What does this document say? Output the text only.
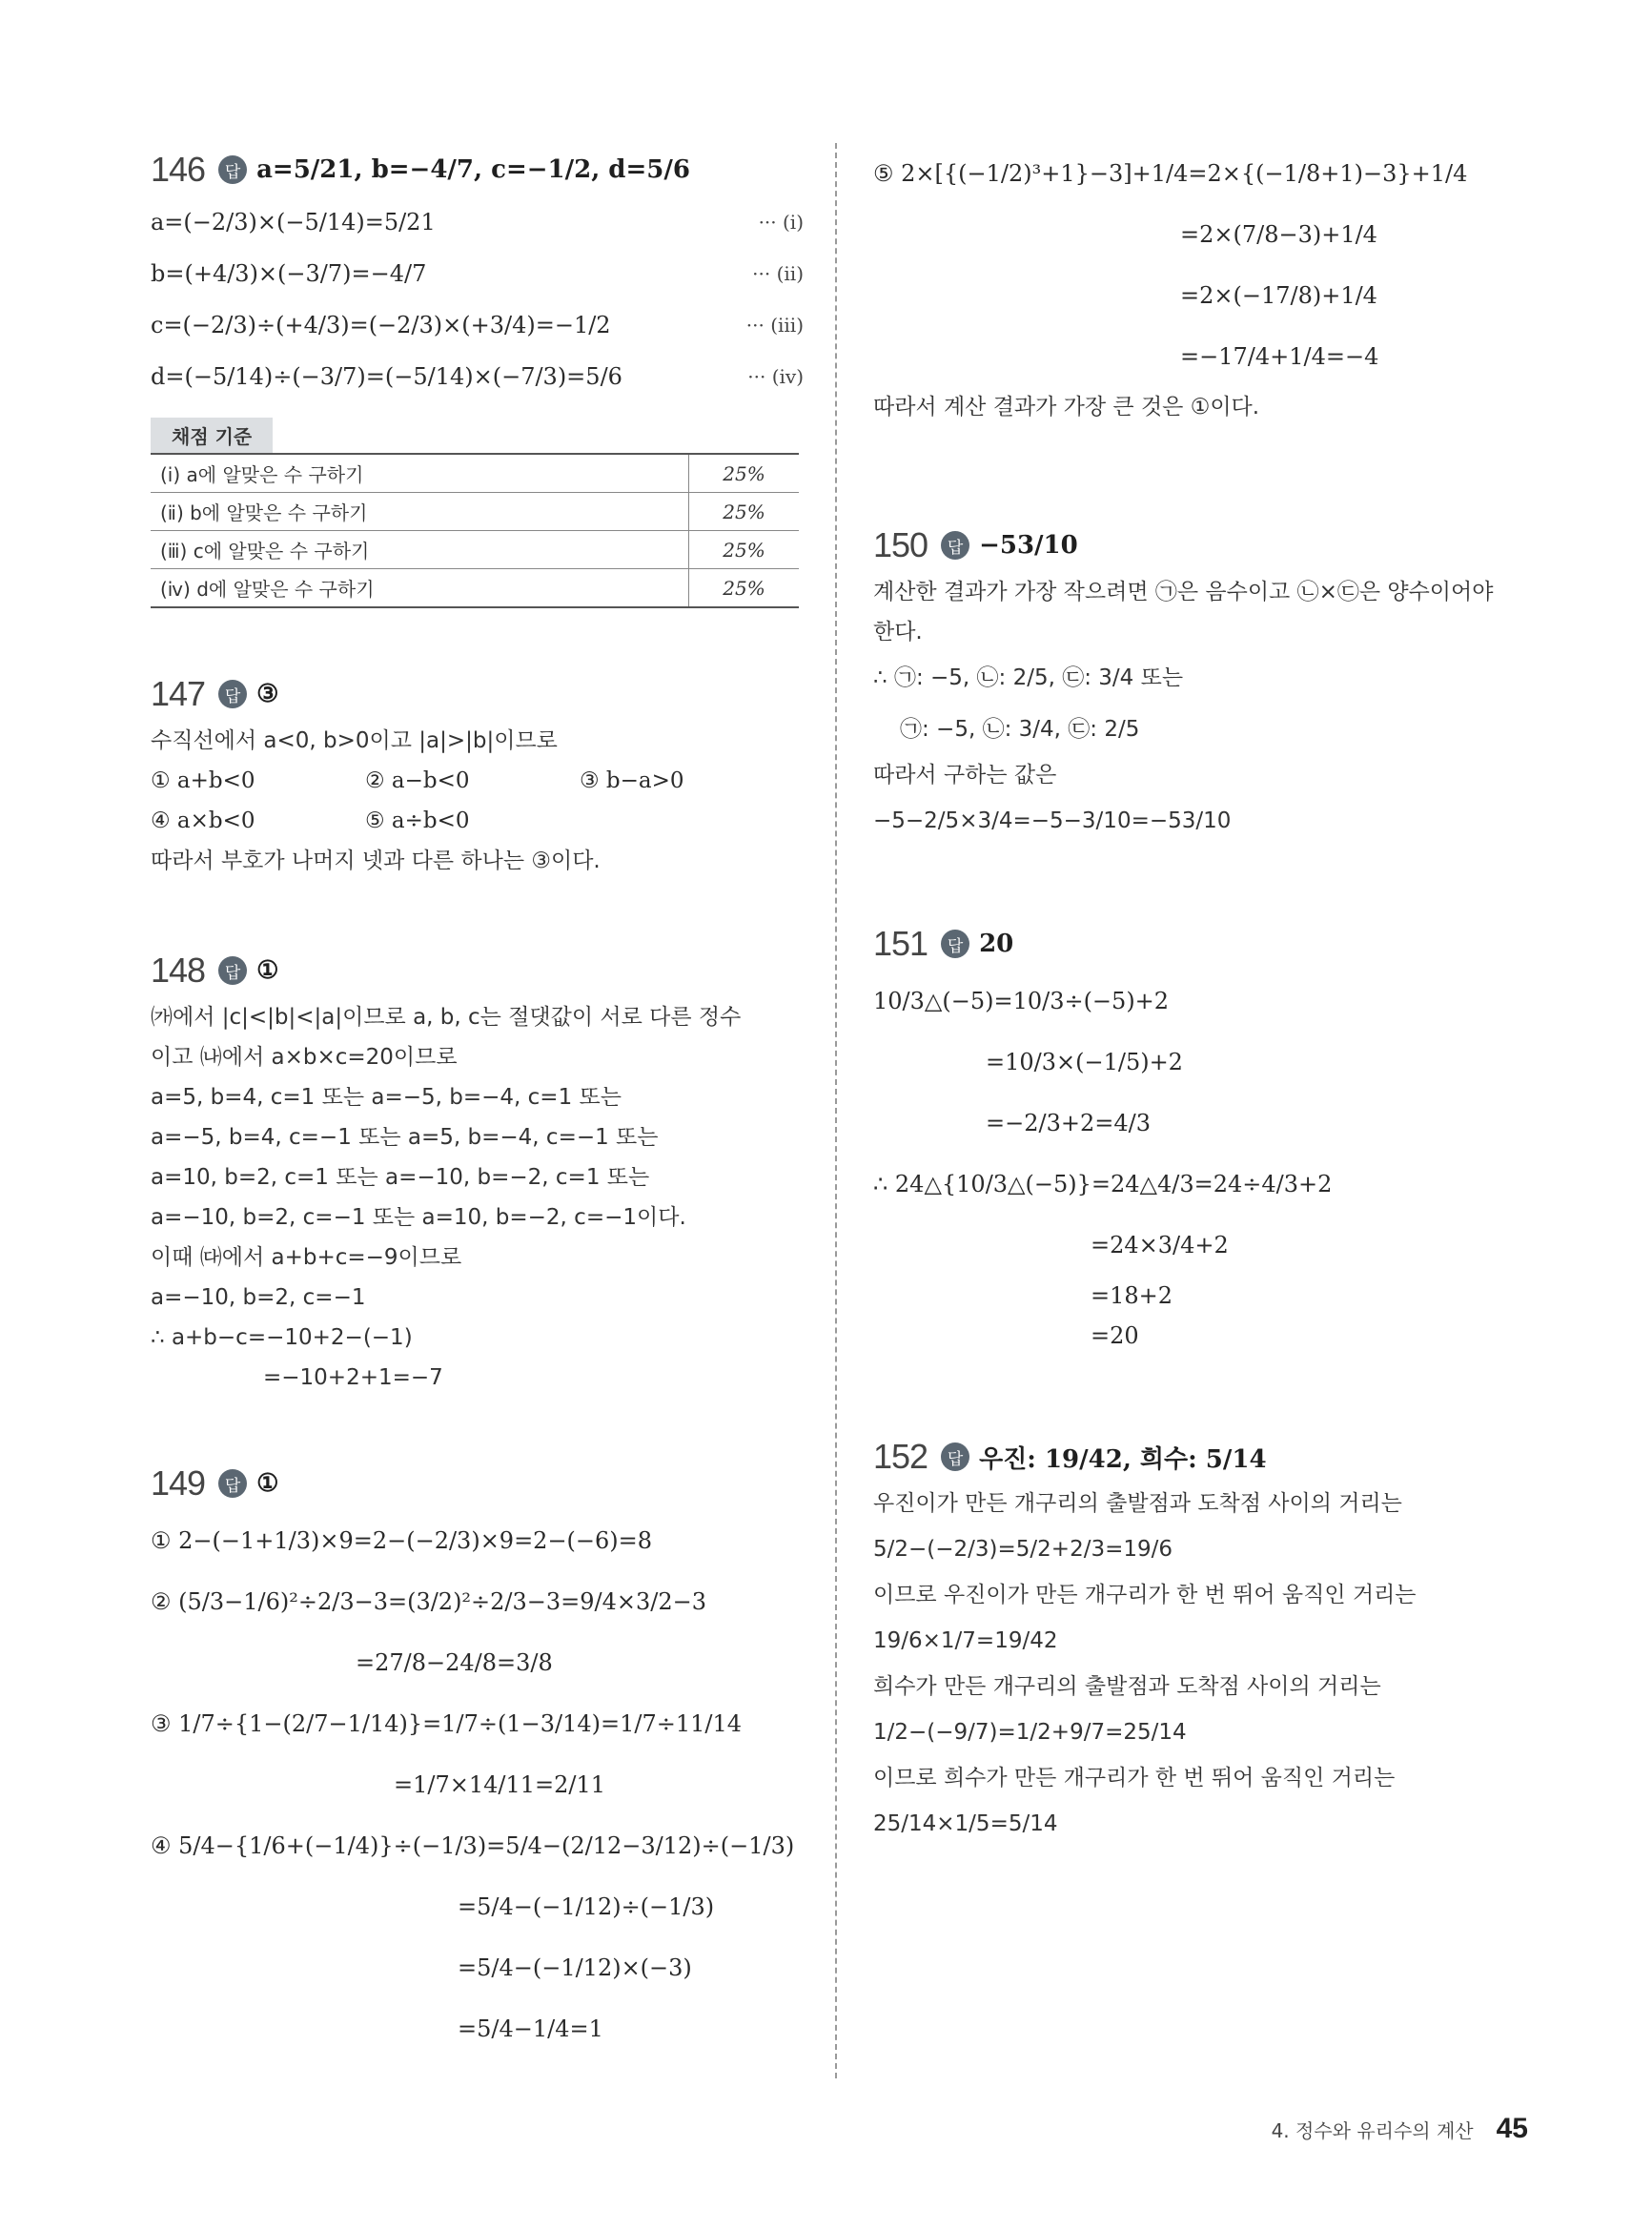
146	답 a=5/21, b=−4/7, c=−1/2, d=5/6
a=(−2/3)×(−5/14)=5/21	··· (ⅰ)
b=(+4/3)×(−3/7)=−4/7	··· (ⅱ)
c=(−2/3)÷(+4/3)=(−2/3)×(+3/4)=−1/2	··· (ⅲ)
d=(−5/14)÷(−3/7)=(−5/14)×(−7/3)=5/6	··· (ⅳ)
채점 기준
(ⅰ) a에 알맞은 수 구하기	25%
(ⅱ) b에 알맞은 수 구하기	25%
(ⅲ) c에 알맞은 수 구하기	25%
(ⅳ) d에 알맞은 수 구하기	25%
147	답 ③
수직선에서 a<0, b>0이고 |a|>|b|이므로
① a+b<0	② a−b<0	③ b−a>0
④ a×b<0	⑤ a÷b<0
따라서 부호가 나머지 넷과 다른 하나는 ③이다.
148	답 ①
㈎에서 |c|<|b|<|a|이므로 a, b, c는 절댓값이 서로 다른 정수
이고 ㈏에서 a×b×c=20이므로
a=5, b=4, c=1 또는 a=−5, b=−4, c=1 또는
a=−5, b=4, c=−1 또는 a=5, b=−4, c=−1 또는
a=10, b=2, c=1 또는 a=−10, b=−2, c=1 또는
a=−10, b=2, c=−1 또는 a=10, b=−2, c=−1이다.
이때 ㈐에서 a+b+c=−9이므로
a=−10, b=2, c=−1
∴ a+b−c=−10+2−(−1)
=−10+2+1=−7
149	답 ①
① 2−(−1+1/3)×9=2−(−2/3)×9=2−(−6)=8
② (5/3−1/6)²÷2/3−3=(3/2)²÷2/3−3=9/4×3/2−3
=27/8−24/8=3/8
③ 1/7÷{1−(2/7−1/14)}=1/7÷(1−3/14)=1/7÷11/14
=1/7×14/11=2/11
④ 5/4−{1/6+(−1/4)}÷(−1/3)=5/4−(2/12−3/12)÷(−1/3)
=5/4−(−1/12)÷(−1/3)
=5/4−(−1/12)×(−3)
=5/4−1/4=1
⑤ 2×[{(−1/2)³+1}−3]+1/4=2×{(−1/8+1)−3}+1/4
=2×(7/8−3)+1/4
=2×(−17/8)+1/4
=−17/4+1/4=−4
따라서 계산 결과가 가장 큰 것은 ①이다.
150	답 −53/10
계산한 결과가 가장 작으려면 ㉠은 음수이고 ㉡×㉢은 양수이어야
한다.
∴ ㉠: −5, ㉡: 2/5, ㉢: 3/4 또는
㉠: −5, ㉡: 3/4, ㉢: 2/5
따라서 구하는 값은
−5−2/5×3/4=−5−3/10=−53/10
151	답 20
10/3△(−5)=10/3÷(−5)+2
=10/3×(−1/5)+2
=−2/3+2=4/3
∴ 24△{10/3△(−5)}=24△4/3=24÷4/3+2
=24×3/4+2
=18+2
=20
152	답 우진: 19/42, 희수: 5/14
우진이가 만든 개구리의 출발점과 도착점 사이의 거리는
5/2−(−2/3)=5/2+2/3=19/6
이므로 우진이가 만든 개구리가 한 번 뛰어 움직인 거리는
19/6×1/7=19/42
희수가 만든 개구리의 출발점과 도착점 사이의 거리는
1/2−(−9/7)=1/2+9/7=25/14
이므로 희수가 만든 개구리가 한 번 뛰어 움직인 거리는
25/14×1/5=5/14
4. 정수와 유리수의 계산 45
